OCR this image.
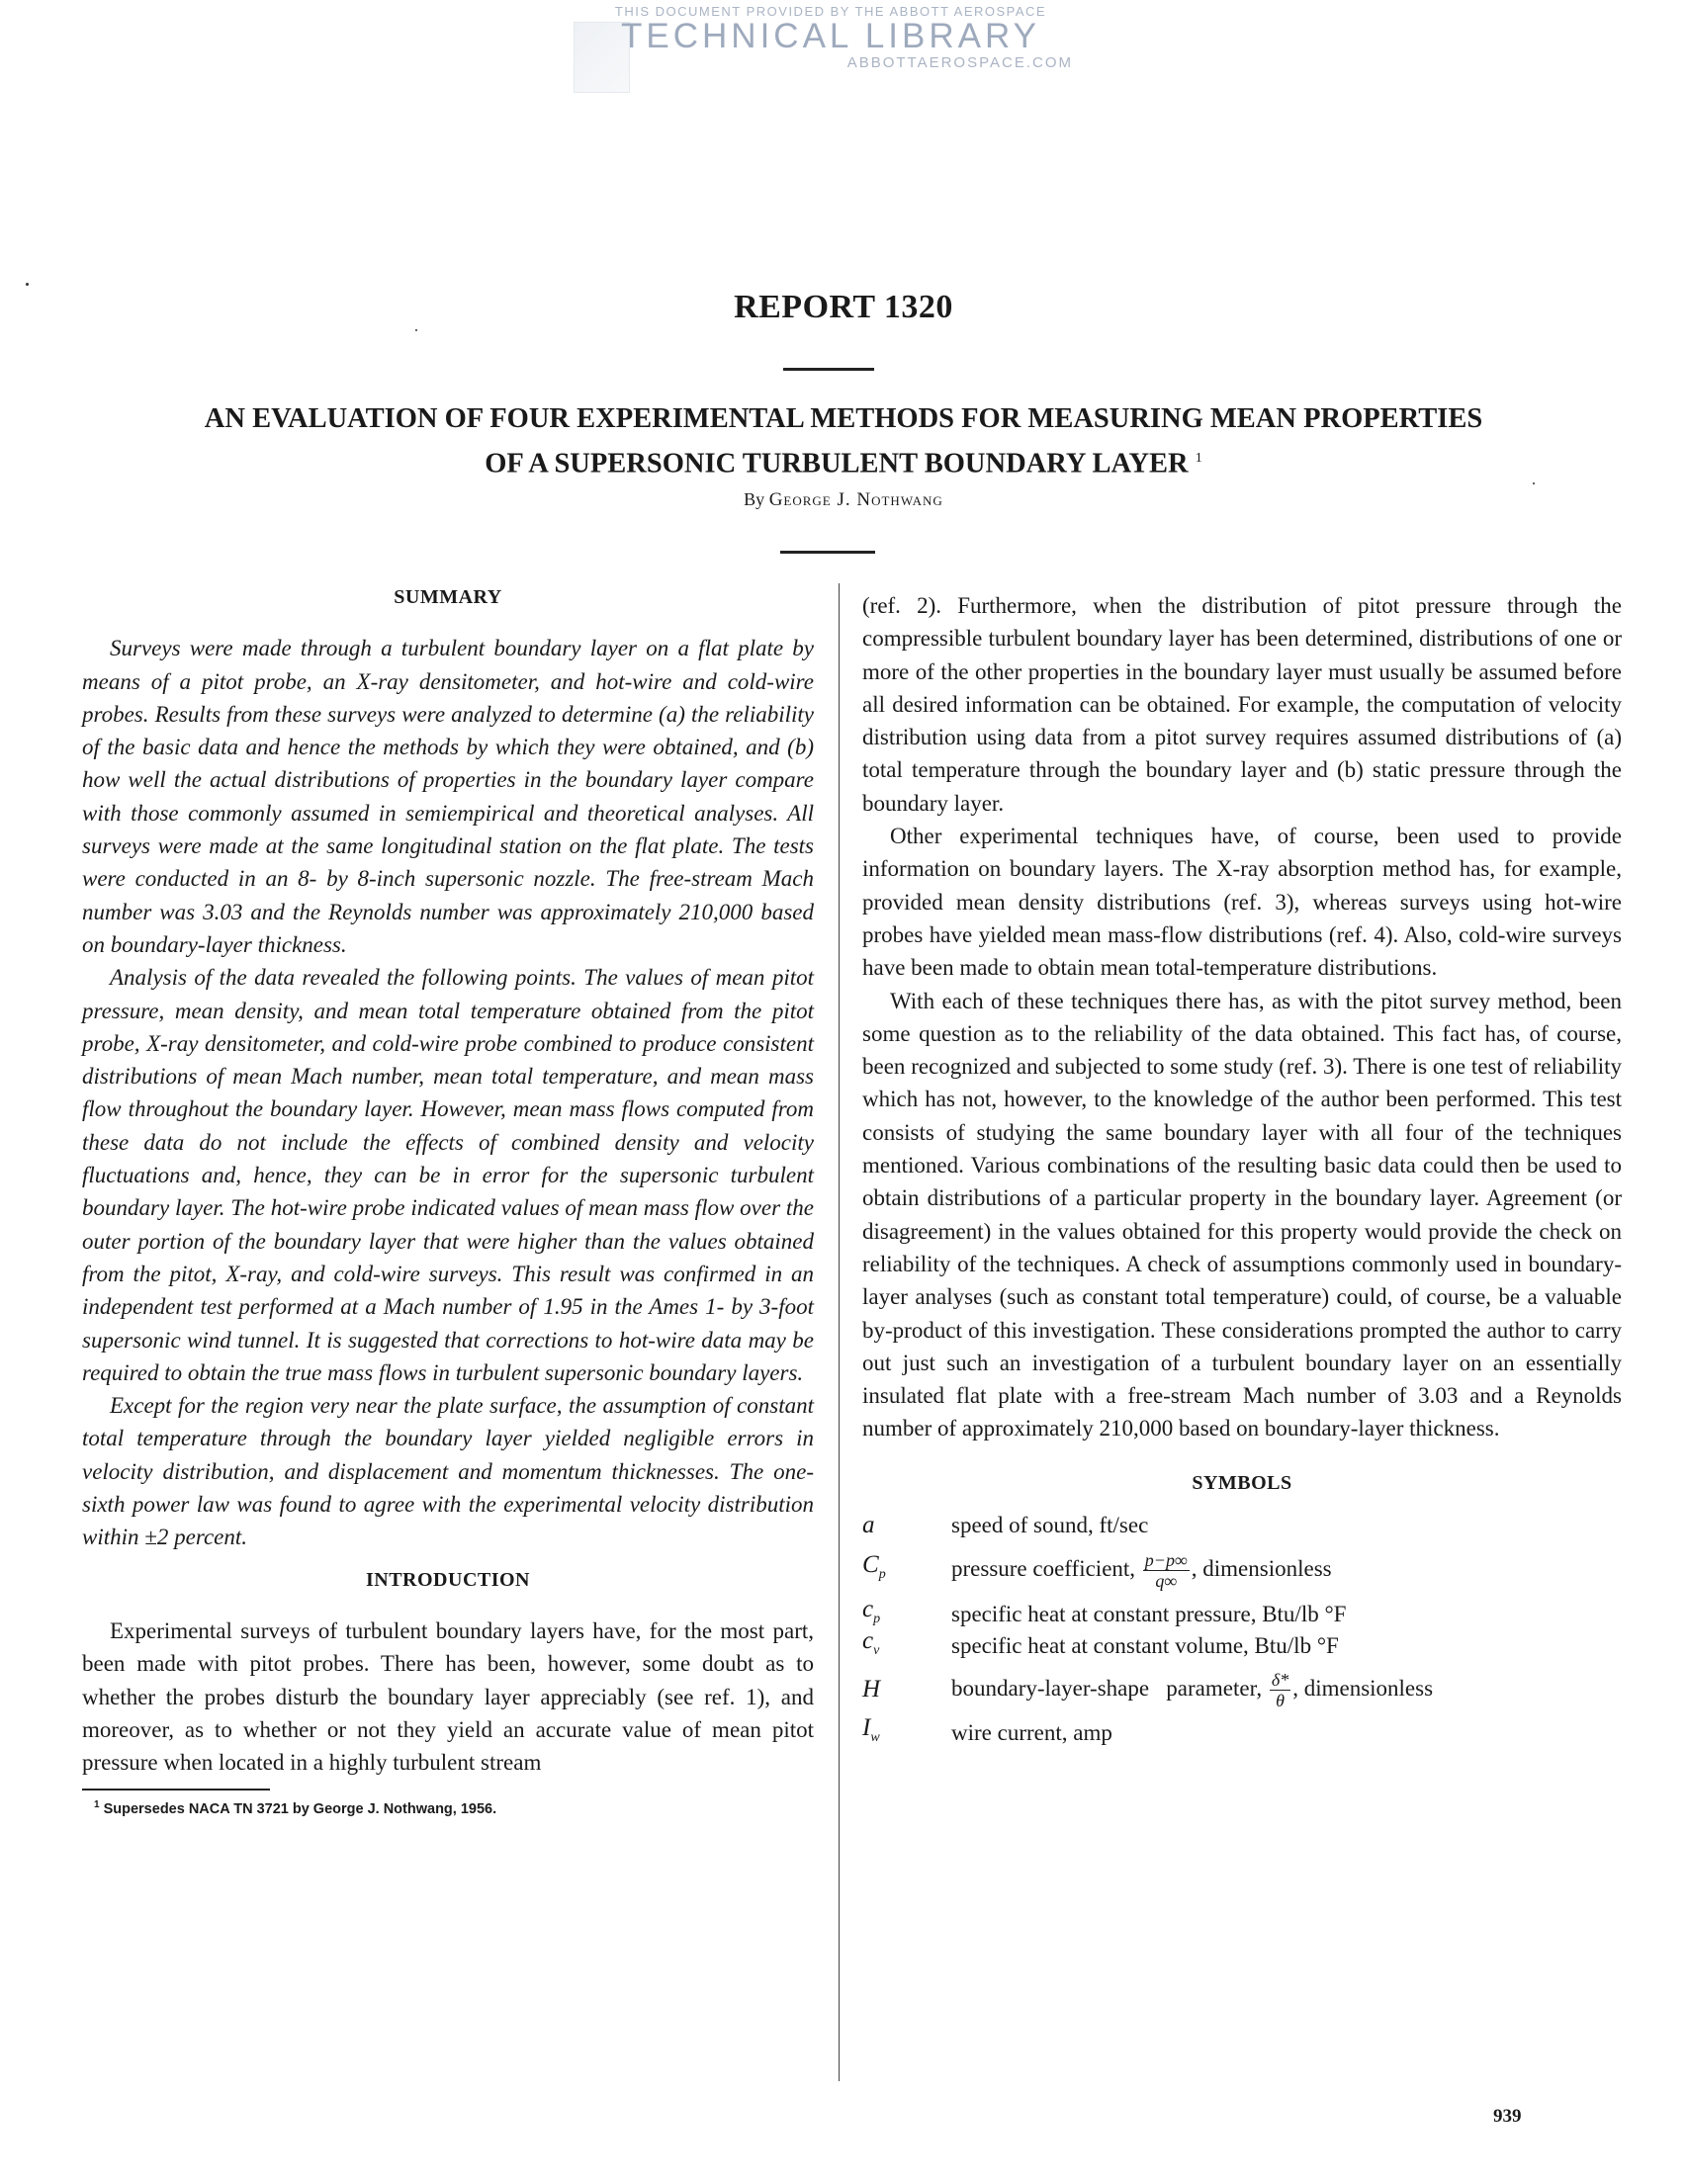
THIS DOCUMENT PROVIDED BY THE ABBOTT AEROSPACE
TECHNICAL LIBRARY
ABBOTTAEROSPACE.COM
REPORT 1320
AN EVALUATION OF FOUR EXPERIMENTAL METHODS FOR MEASURING MEAN PROPERTIES
OF A SUPERSONIC TURBULENT BOUNDARY LAYER $^1$
By George J. Nothwang
SUMMARY

Surveys were made through a turbulent boundary layer on a flat plate by means of a pitot probe, an X-ray densitometer, and hot-wire and cold-wire probes. Results from these surveys were analyzed to determine (a) the reliability of the basic data and hence the methods by which they were obtained, and (b) how well the actual distributions of properties in the boundary layer compare with those commonly assumed in semiempirical and theoretical analyses. All surveys were made at the same longitudinal station on the flat plate. The tests were conducted in an 8- by 8-inch supersonic nozzle. The free-stream Mach number was 3.03 and the Reynolds number was approximately 210,000 based on boundary-layer thickness.

Analysis of the data revealed the following points. The values of mean pitot pressure, mean density, and mean total temperature obtained from the pitot probe, X-ray densitometer, and cold-wire probe combined to produce consistent distributions of mean Mach number, mean total temperature, and mean mass flow throughout the boundary layer. However, mean mass flows computed from these data do not include the effects of combined density and velocity fluctuations and, hence, they can be in error for the supersonic turbulent boundary layer. The hot-wire probe indicated values of mean mass flow over the outer portion of the boundary layer that were higher than the values obtained from the pitot, X-ray, and cold-wire surveys. This result was confirmed in an independent test performed at a Mach number of 1.95 in the Ames 1- by 3-foot supersonic wind tunnel. It is suggested that corrections to hot-wire data may be required to obtain the true mass flows in turbulent supersonic boundary layers.

Except for the region very near the plate surface, the assumption of constant total temperature through the boundary layer yielded negligible errors in velocity distribution, and displacement and momentum thicknesses. The one-sixth power law was found to agree with the experimental velocity distribution within ±2 percent.

INTRODUCTION

Experimental surveys of turbulent boundary layers have, for the most part, been made with pitot probes. There has been, however, some doubt as to whether the probes disturb the boundary layer appreciably (see ref. 1), and moreover, as to whether or not they yield an accurate value of mean pitot pressure when located in a highly turbulent stream

$^1$ Supersedes NACA TN 3721 by George J. Nothwang, 1956.

(ref. 2). Furthermore, when the distribution of pitot pressure through the compressible turbulent boundary layer has been determined, distributions of one or more of the other properties in the boundary layer must usually be assumed before all desired information can be obtained. For example, the computation of velocity distribution using data from a pitot survey requires assumed distributions of (a) total temperature through the boundary layer and (b) static pressure through the boundary layer.

Other experimental techniques have, of course, been used to provide information on boundary layers. The X-ray absorption method has, for example, provided mean density distributions (ref. 3), whereas surveys using hot-wire probes have yielded mean mass-flow distributions (ref. 4). Also, cold-wire surveys have been made to obtain mean total-temperature distributions.

With each of these techniques there has, as with the pitot survey method, been some question as to the reliability of the data obtained. This fact has, of course, been recognized and subjected to some study (ref. 3). There is one test of reliability which has not, however, to the knowledge of the author been performed. This test consists of studying the same boundary layer with all four of the techniques mentioned. Various combinations of the resulting basic data could then be used to obtain distributions of a particular property in the boundary layer. Agreement (or disagreement) in the values obtained for this property would provide the check on reliability of the techniques. A check of assumptions commonly used in boundary-layer analyses (such as constant total temperature) could, of course, be a valuable by-product of this investigation. These considerations prompted the author to carry out just such an investigation of a turbulent boundary layer on an essentially insulated flat plate with a free-stream Mach number of 3.03 and a Reynolds number of approximately 210,000 based on boundary-layer thickness.

SYMBOLS
a	speed of sound, ft/sec
$C_p$	pressure coefficient, $\frac{p-p\infty}{q\infty}$ , dimensionless
$c_p$	specific heat at constant pressure, Btu/lb °F
$c_v$	specific heat at constant volume, Btu/lb °F
H	boundary-layer-shape   parameter, $\frac{\delta*}{\theta}$ , dimensionless
$I_w$	wire current, amp
939
